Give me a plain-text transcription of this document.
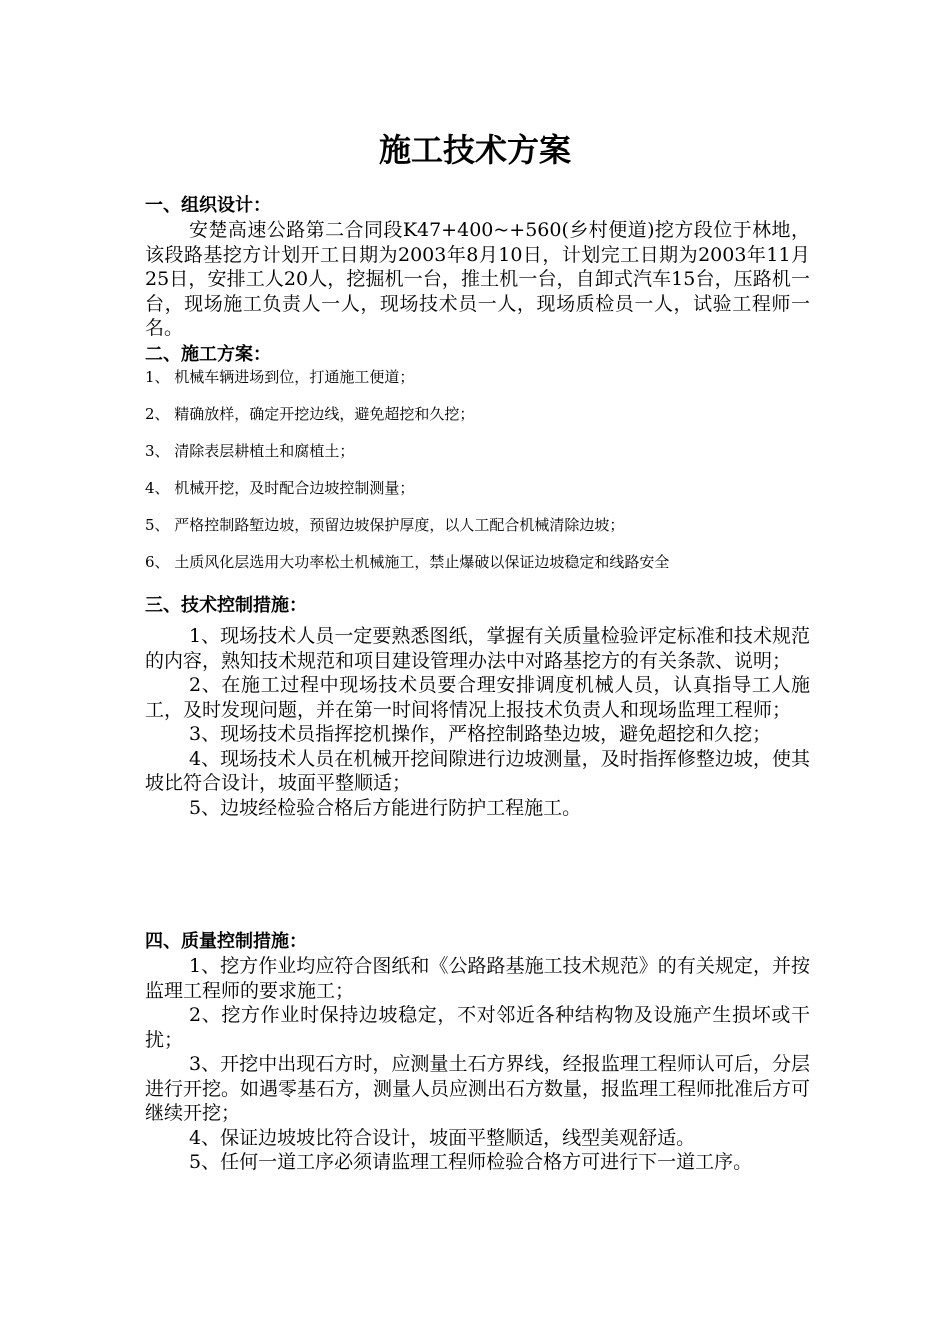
施工技术方案

一、组织设计：

安楚高速公路第二合同段K47+400~+560(乡村便道)挖方段位于林地，该段路基挖方计划开工日期为2003年8月10日，计划完工日期为2003年11月25日，安排工人20人，挖掘机一台，推土机一台，自卸式汽车15台，压路机一台，现场施工负责人一人，现场技术员一人，现场质检员一人，试验工程师一名。

二、施工方案：

1、 机械车辆进场到位，打通施工便道；
2、 精确放样，确定开挖边线，避免超挖和久挖；
3、 清除表层耕植土和腐植土；
4、 机械开挖，及时配合边坡控制测量；
5、 严格控制路堑边坡，预留边坡保护厚度，以人工配合机械清除边坡；
6、 土质风化层选用大功率松土机械施工，禁止爆破以保证边坡稳定和线路安全

三、技术控制措施：

1、现场技术人员一定要熟悉图纸，掌握有关质量检验评定标准和技术规范的内容，熟知技术规范和项目建设管理办法中对路基挖方的有关条款、说明；

2、在施工过程中现场技术员要合理安排调度机械人员，认真指导工人施工，及时发现问题，并在第一时间将情况上报技术负责人和现场监理工程师；

3、现场技术员指挥挖机操作，严格控制路垫边坡，避免超挖和久挖；

4、现场技术人员在机械开挖间隙进行边坡测量，及时指挥修整边坡，使其坡比符合设计，坡面平整顺适；

5、边坡经检验合格后方能进行防护工程施工。

四、质量控制措施：

1、挖方作业均应符合图纸和《公路路基施工技术规范》的有关规定，并按监理工程师的要求施工；

2、挖方作业时保持边坡稳定，不对邻近各种结构物及设施产生损坏或干扰；

3、开挖中出现石方时，应测量土石方界线，经报监理工程师认可后，分层进行开挖。如遇零基石方，测量人员应测出石方数量，报监理工程师批准后方可继续开挖；

4、保证边坡坡比符合设计，坡面平整顺适，线型美观舒适。

5、任何一道工序必须请监理工程师检验合格方可进行下一道工序。
